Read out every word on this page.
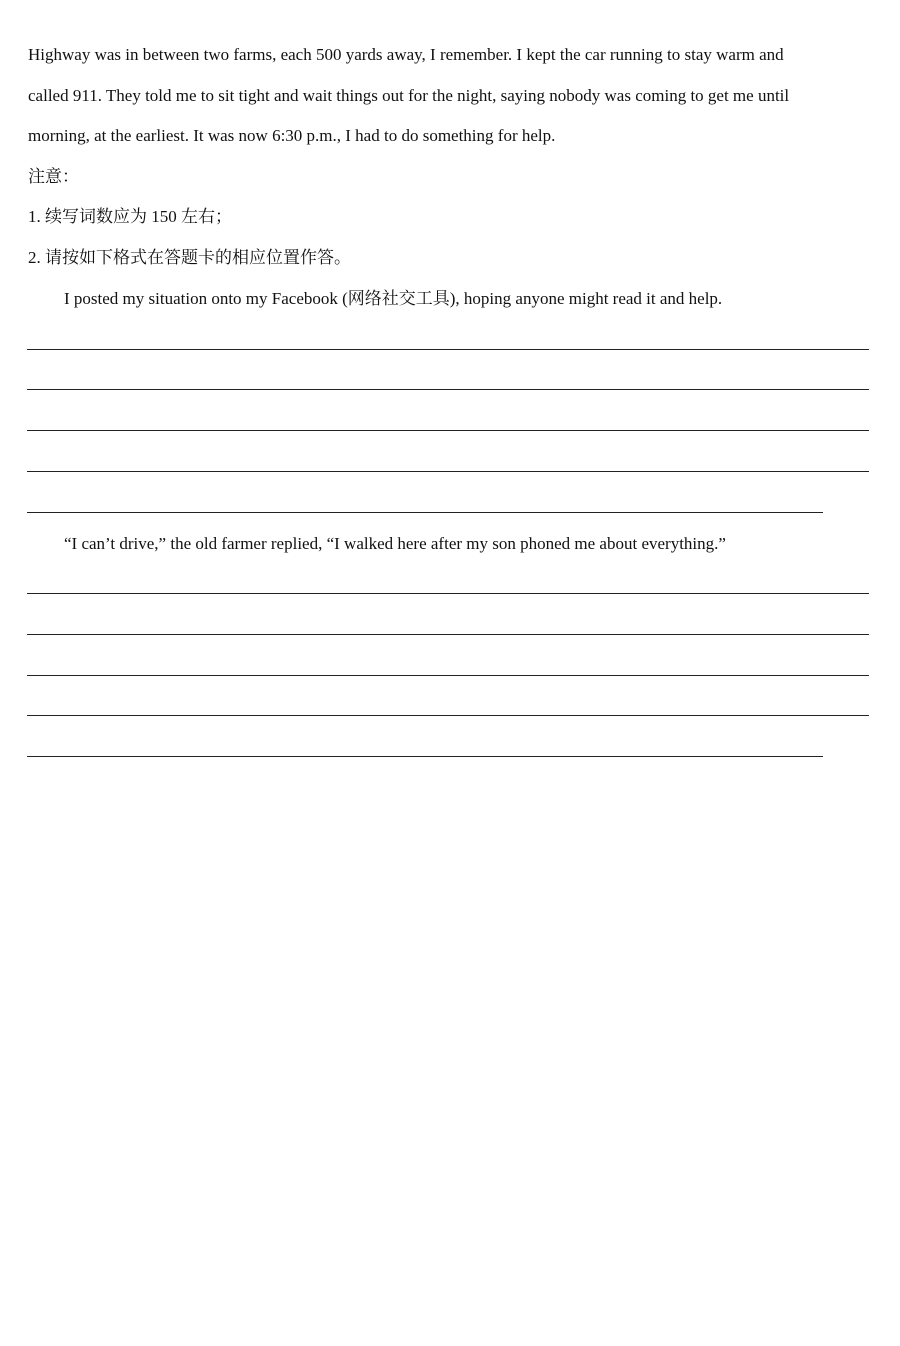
Highway was in between two farms, each 500 yards away, I remember. I kept the car running to stay warm and
called 911. They told me to sit tight and wait things out for the night, saying nobody was coming to get me until
morning, at the earliest. It was now 6:30 p.m., I had to do something for help.
注意：
1. 续写词数应为 150 左右；
2. 请按如下格式在答题卡的相应位置作答。
I posted my situation onto my Facebook (网络社交工具), hoping anyone might read it and help.
“I can’t drive,” the old farmer replied, “I walked here after my son phoned me about everything.”
